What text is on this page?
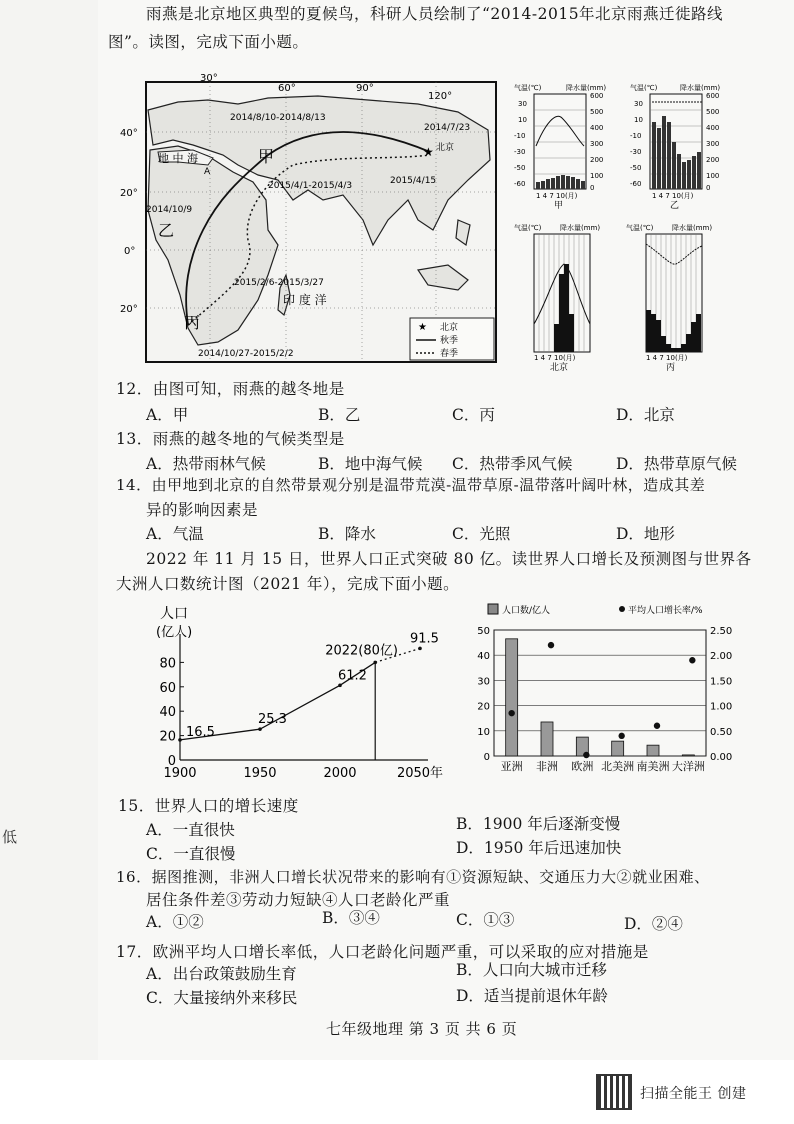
低
雨燕是北京地区典型的夏候鸟，科研人员绘制了“2014-2015年北京雨燕迁徙路线
图”。读图，完成下面小题。
30°
60°	90°
120°
40°
20°
0°
20°
地 中 海
A
甲
乙
丙
北京
★
印 度 洋
2014/8/10-2014/8/13
2014/7/23
2015/4/1-2015/4/3	2015/4/15
2014/10/9
2015/2/6-2015/3/27
2014/10/27-2015/2/2
★ 北京
秋季
春季
气温(℃)	降水量(mm)
30
10
-10
-30
-50
-60
600
500
400
300
200
100
0
1 4 7 10(月)
甲
气温(℃)	降水量(mm)
30
10
-10
-30
-50
-60
600
500
400
300
200
100
0
1 4 7 10(月)
乙
气温(℃)	降水量(mm)
1 4 7 10(月)
北京
气温(℃)	降水量(mm)
1 4 7 10(月)
丙
12．由图可知，雨燕的越冬地是
A．甲	B．乙	C．丙	D．北京
13．雨燕的越冬地的气候类型是
A．热带雨林气候	B．地中海气候 C．热带季风气候	D．热带草原气候
14．由甲地到北京的自然带景观分别是温带荒漠-温带草原-温带落叶阔叶林，造成其差
异的影响因素是
A．气温	B．降水	C．光照	D．地形
2022 年 11 月 15 日，世界人口正式突破 80 亿。读世界人口增长及预测图与世界各
大洲人口数统计图（2021 年），完成下面小题。
人口
(亿人)
0
20
40
60
80
1900	1950	2000	2050年
16.5
25.3
61.2
2022(80亿)
91.5
人口数/亿人	平均人口增长率/%
0
10
20
30
40
50
0.00
0.50
1.00
1.50
2.00
2.50
亚洲 非洲 欧洲 北美洲 南美洲 大洋洲
15．世界人口的增长速度
A．一直很快	B．1900 年后逐渐变慢
C．一直很慢	D．1950 年后迅速加快
16．据图推测，非洲人口增长状况带来的影响有①资源短缺、交通压力大②就业困难、
居住条件差③劳动力短缺④人口老龄化严重
A．①②	B．③④	C．①③	D．②④
17．欧洲平均人口增长率低，人口老龄化问题严重，可以采取的应对措施是
A．出台政策鼓励生育	B．人口向大城市迁移
C．大量接纳外来移民	D．适当提前退休年龄
七年级地理 第 3 页 共 6 页
扫描全能王 创建
